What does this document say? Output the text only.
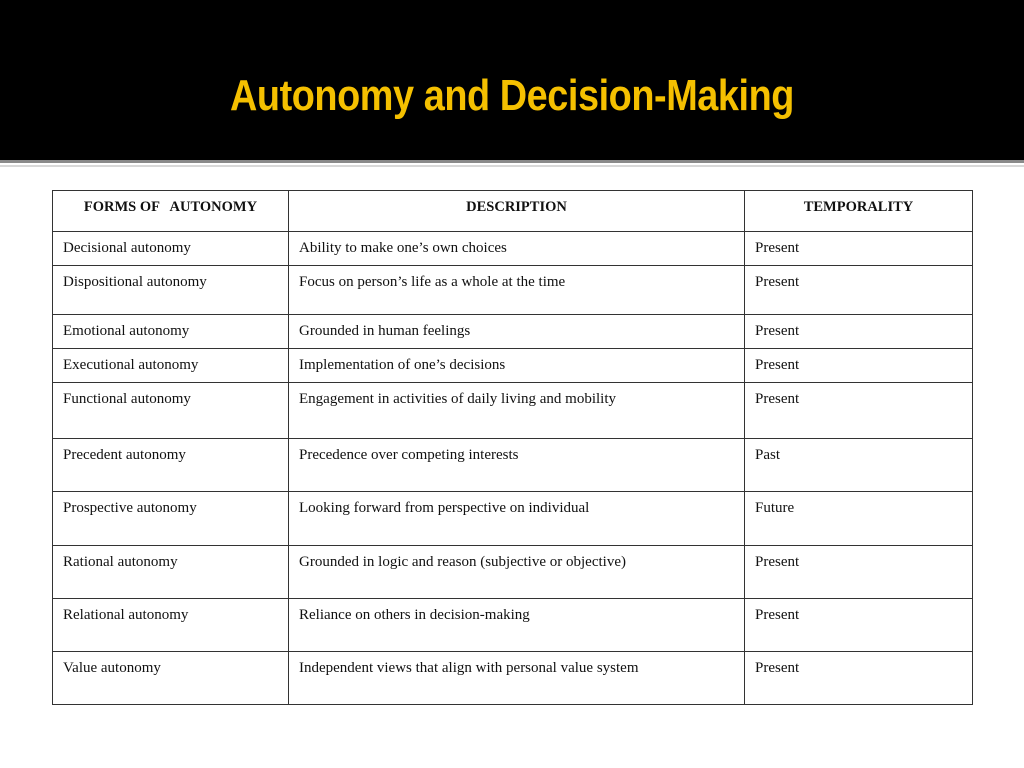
Autonomy and Decision-Making
FORMS OF   AUTONOMY	DESCRIPTION	TEMPORALITY
Decisional autonomy	Ability to make one’s own choices	Present
Dispositional autonomy	Focus on person’s life as a whole at the time	Present
Emotional autonomy	Grounded in human feelings	Present
Executional autonomy	Implementation of one’s decisions	Present
Functional autonomy	Engagement in activities of daily living and mobility	Present
Precedent autonomy	Precedence over competing interests	Past
Prospective autonomy	Looking forward from perspective on individual	Future
Rational autonomy	Grounded in logic and reason (subjective or objective)	Present
Relational autonomy	Reliance on others in decision-making	Present
Value autonomy	Independent views that align with personal value system	Present
